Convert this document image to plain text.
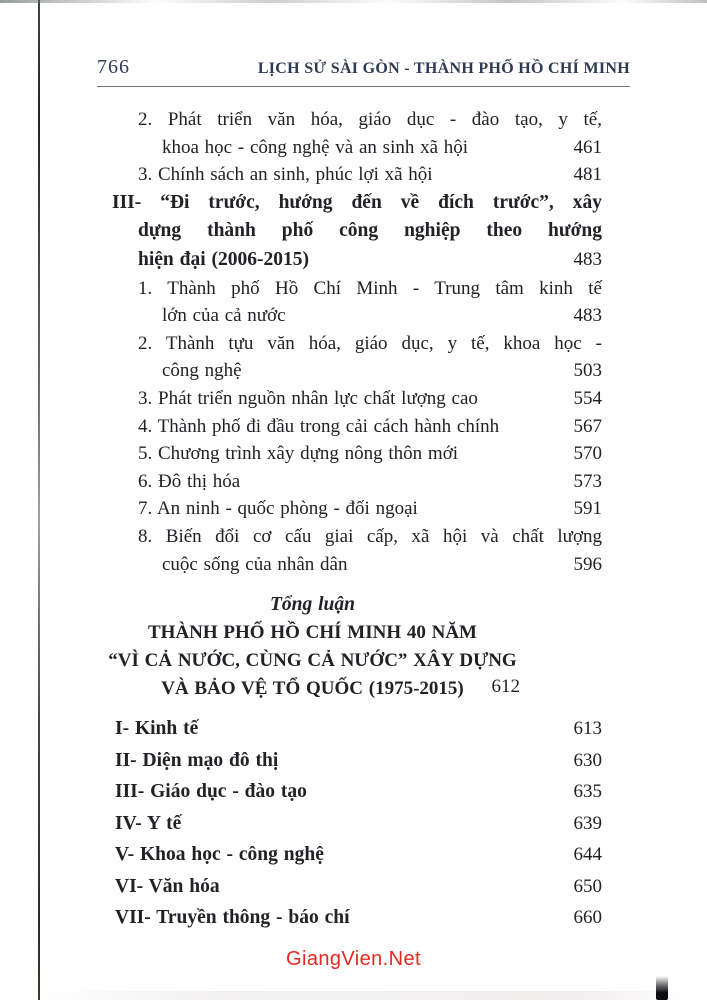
766	LỊCH SỬ SÀI GÒN - THÀNH PHỐ HỒ CHÍ MINH
2. Phát triển văn hóa, giáo dục - đào tạo, y tế,
khoa học - công nghệ và an sinh xã hội	461
3. Chính sách an sinh, phúc lợi xã hội	481
III- “Đi trước, hướng đến về đích trước”, xây
dựng thành phố công nghiệp theo hướng
hiện đại (2006-2015)	483
1. Thành phố Hồ Chí Minh - Trung tâm kinh tế
lớn của cả nước	483
2. Thành tựu văn hóa, giáo dục, y tế, khoa học -
công nghệ	503
3. Phát triển nguồn nhân lực chất lượng cao	554
4. Thành phố đi đầu trong cải cách hành chính	567
5. Chương trình xây dựng nông thôn mới	570
6. Đô thị hóa	573
7. An ninh - quốc phòng - đối ngoại	591
8. Biến đổi cơ cấu giai cấp, xã hội và chất lượng
cuộc sống của nhân dân	596
Tổng luận
THÀNH PHỐ HỒ CHÍ MINH 40 NĂM
“VÌ CẢ NƯỚC, CÙNG CẢ NƯỚC” XÂY DỰNG
VÀ BẢO VỆ TỔ QUỐC (1975-2015) 612
I- Kinh tế	613
II- Diện mạo đô thị	630
III- Giáo dục - đào tạo	635
IV- Y tế	639
V- Khoa học - công nghệ	644
VI- Văn hóa	650
VII- Truyền thông - báo chí	660
GiangVien.Net
